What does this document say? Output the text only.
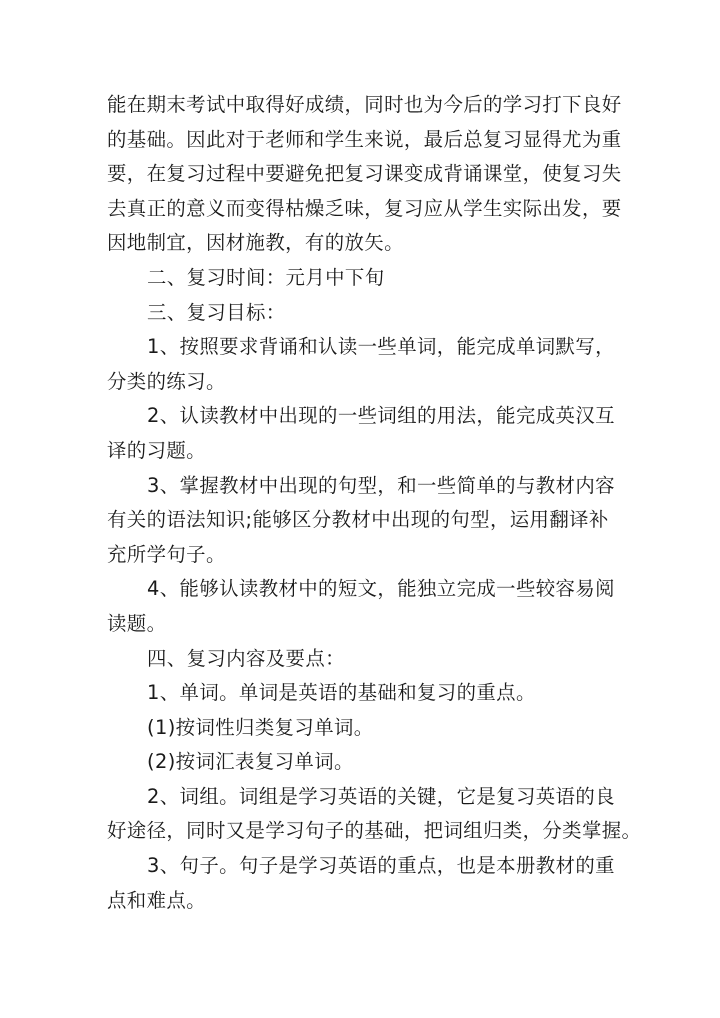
能在期末考试中取得好成绩，同时也为今后的学习打下良好
的基础。因此对于老师和学生来说，最后总复习显得尤为重
要，在复习过程中要避免把复习课变成背诵课堂，使复习失
去真正的意义而变得枯燥乏味，复习应从学生实际出发，要
因地制宜，因材施教，有的放矢。
二、复习时间：元月中下旬
三、复习目标：
1、按照要求背诵和认读一些单词，能完成单词默写，
分类的练习。
2、认读教材中出现的一些词组的用法，能完成英汉互
译的习题。
3、掌握教材中出现的句型，和一些简单的与教材内容
有关的语法知识;能够区分教材中出现的句型，运用翻译补
充所学句子。
4、能够认读教材中的短文，能独立完成一些较容易阅
读题。
四、复习内容及要点：
1、单词。单词是英语的基础和复习的重点。
(1)按词性归类复习单词。
(2)按词汇表复习单词。
2、词组。词组是学习英语的关键，它是复习英语的良
好途径，同时又是学习句子的基础，把词组归类，分类掌握。
3、句子。句子是学习英语的重点，也是本册教材的重
点和难点。
